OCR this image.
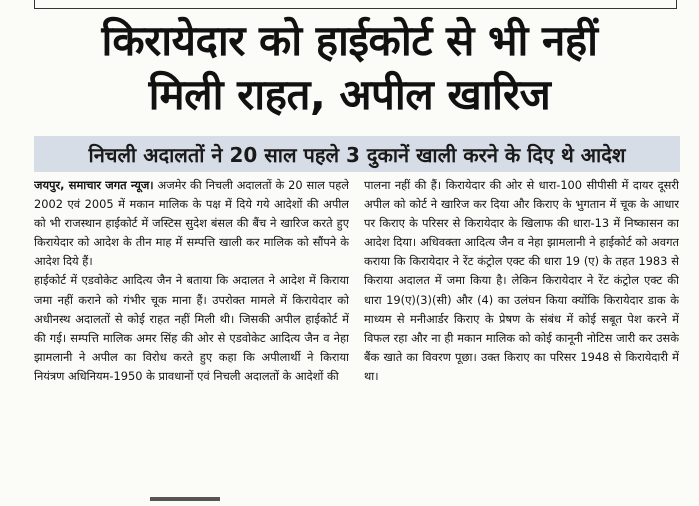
किरायेदार को हाईकोर्ट से भी नहीं
मिली राहत, अपील खारिज
निचली अदालतों ने 20 साल पहले 3 दुकानें खाली करने के दिए थे आदेश

जयपुर, समाचार जगत न्यूज। अजमेर की निचली अदालतों के 20 साल पहले 2002 एवं 2005 में मकान मालिक के पक्ष में दिये गये आदेशों की अपील को भी राजस्थान हाईकोर्ट में जस्टिस सुदेश बंसल की बैंच ने खारिज करते हुए किरायेदार को आदेश के तीन माह में सम्पत्ति खाली कर मालिक को सौंपने के आदेश दिये हैं।

हाईकोर्ट में एडवोकेट आदित्य जैन ने बताया कि अदालत ने आदेश में किराया जमा नहीं कराने को गंभीर चूक माना हैं। उपरोक्त मामले में किरायेदार को अधीनस्थ अदालतों से कोई राहत नहीं मिली थी। जिसकी अपील हाईकोर्ट में की गई। सम्पत्ति मालिक अमर सिंह की ओर से एडवोकेट आदित्य जैन व नेहा झामलानी ने अपील का विरोध करते हुए कहा कि अपीलार्थी ने किराया नियंत्रण अधिनियम-1950 के प्रावधानों एवं निचली अदालतों के आदेशों की

पालना नहीं की हैं। किरायेदार की ओर से धारा-100 सीपीसी में दायर दूसरी अपील को कोर्ट ने खारिज कर दिया और किराए के भुगतान में चूक के आधार पर किराए के परिसर से किरायेदार के खिलाफ की धारा-13 में निष्कासन का आदेश दिया। अधिवक्ता आदित्य जैन व नेहा झामलानी ने हाईकोर्ट को अवगत कराया कि किरायेदार ने रेंट कंट्रोल एक्ट की धारा 19 (ए) के तहत 1983 से किराया अदालत में जमा किया है। लेकिन किरायेदार ने रेंट कंट्रोल एक्ट की धारा 19(ए)(3)(सी) और (4) का उलंघन किया क्योंकि किरायेदार डाक के माध्यम से मनीआर्डर किराए के प्रेषण के संबंध में कोई सबूत पेश करने में विफल रहा और ना ही मकान मालिक को कोई कानूनी नोटिस जारी कर उसके बैंक खाते का विवरण पूछा। उक्त किराए का परिसर 1948 से किरायेदारी में था।
